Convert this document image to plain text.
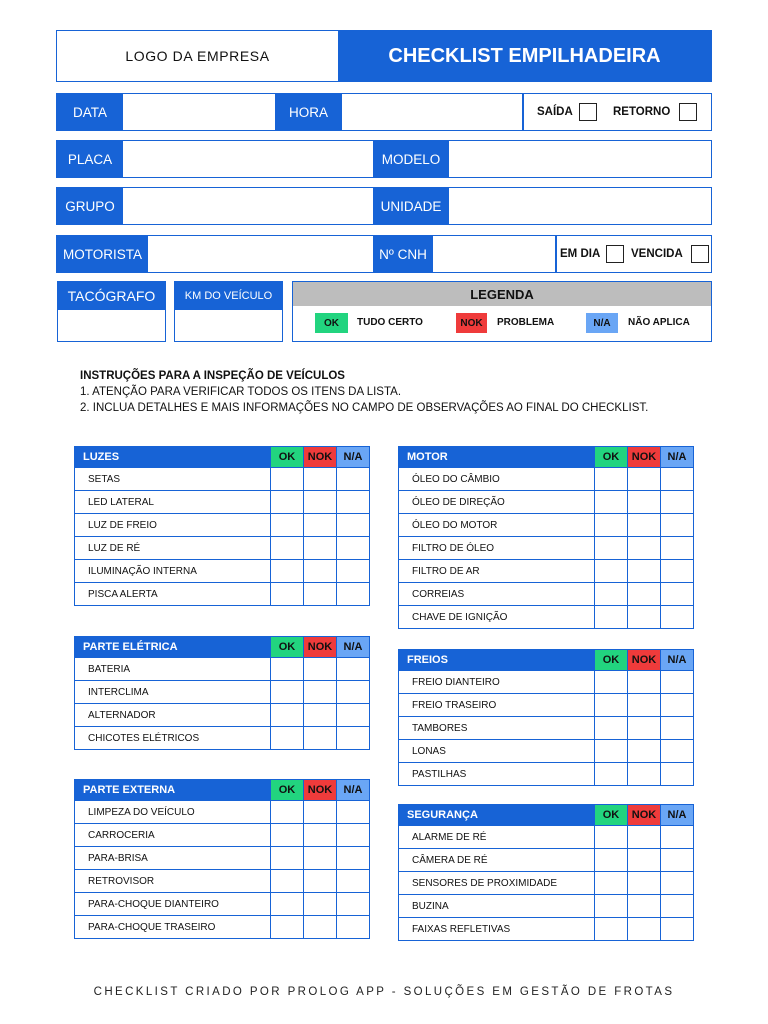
LOGO DA EMPRESA	CHECKLIST EMPILHADEIRA
DATA	HORA	SAÍDA	RETORNO
PLACA	MODELO
GRUPO	UNIDADE
MOTORISTA	Nº CNH	EM DIA	VENCIDA
TACÓGRAFO	KM DO VEÍCULO	LEGENDA
OK	TUDO CERTO	NOK	PROBLEMA	N/A	NÃO APLICA
INSTRUÇÕES PARA A INSPEÇÃO DE VEÍCULOS
1. ATENÇÃO PARA VERIFICAR TODOS OS ITENS DA LISTA.
2. INCLUA DETALHES E MAIS INFORMAÇÕES NO CAMPO DE OBSERVAÇÕES AO FINAL DO CHECKLIST.
LUZES	OK	NOK	N/A
SETAS
LED LATERAL
LUZ DE FREIO
LUZ DE RÉ
ILUMINAÇÃO INTERNA
PISCA ALERTA
PARTE ELÉTRICA	OK	NOK	N/A
BATERIA
INTERCLIMA
ALTERNADOR
CHICOTES ELÉTRICOS
PARTE EXTERNA	OK	NOK	N/A
LIMPEZA DO VEÍCULO
CARROCERIA
PARA-BRISA
RETROVISOR
PARA-CHOQUE DIANTEIRO
PARA-CHOQUE TRASEIRO
MOTOR	OK	NOK	N/A
ÓLEO DO CÂMBIO
ÓLEO DE DIREÇÃO
ÓLEO DO MOTOR
FILTRO DE ÓLEO
FILTRO DE AR
CORREIAS
CHAVE DE IGNIÇÃO
FREIOS	OK	NOK	N/A
FREIO DIANTEIRO
FREIO TRASEIRO
TAMBORES
LONAS
PASTILHAS
SEGURANÇA	OK	NOK	N/A
ALARME DE RÉ
CÂMERA DE RÉ
SENSORES DE PROXIMIDADE
BUZINA
FAIXAS REFLETIVAS
CHECKLIST CRIADO POR PROLOG APP - SOLUÇÕES EM GESTÃO DE FROTAS
